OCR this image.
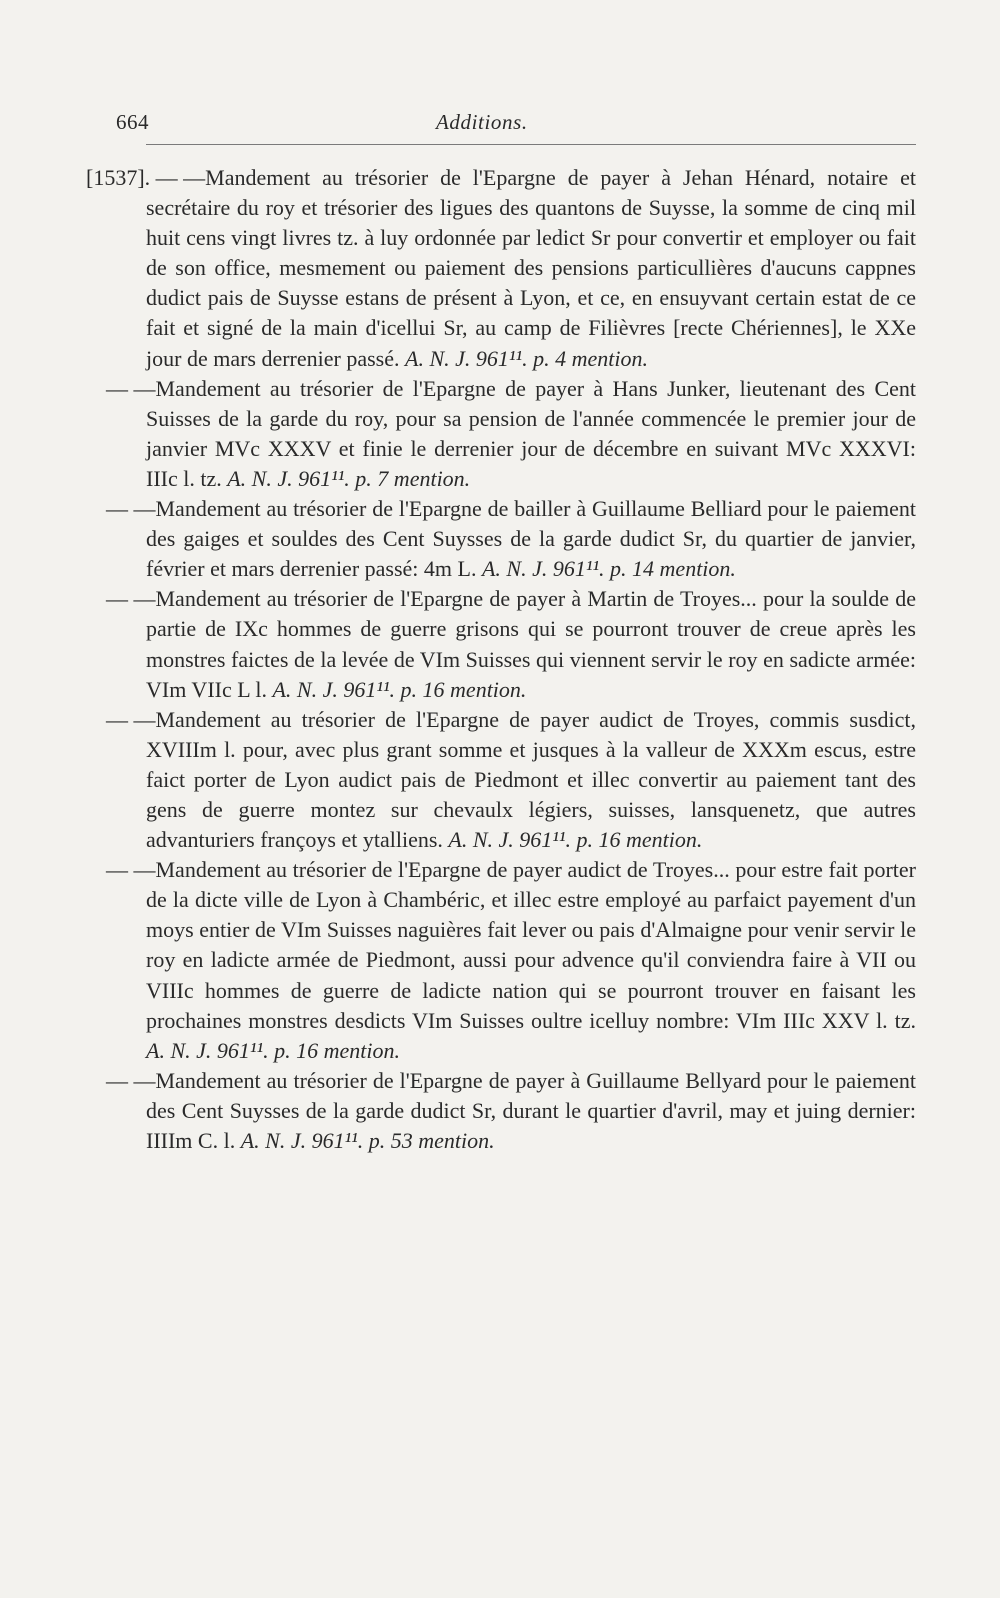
664	Additions.

[1537]. — —Mandement au trésorier de l'Epargne de payer à Jehan Hénard, notaire et secrétaire du roy et trésorier des ligues des quantons de Suysse, la somme de cinq mil huit cens vingt livres tz. à luy ordonnée par ledict Sr pour convertir et employer ou fait de son office, mesmement ou paiement des pensions particullières d'aucuns cappnes dudict pais de Suysse estans de présent à Lyon, et ce, en ensuyvant certain estat de ce fait et signé de la main d'icellui Sr, au camp de Filièvres [recte Chériennes], le XXe jour de mars derrenier passé. A. N. J. 961¹¹. p. 4 mention.

— —Mandement au trésorier de l'Epargne de payer à Hans Junker, lieutenant des Cent Suisses de la garde du roy, pour sa pension de l'année commencée le premier jour de janvier MVc XXXV et finie le derrenier jour de décembre en suivant MVc XXXVI: IIIc l. tz. A. N. J. 961¹¹. p. 7 mention.

— —Mandement au trésorier de l'Epargne de bailler à Guillaume Belliard pour le paiement des gaiges et souldes des Cent Suysses de la garde dudict Sr, du quartier de janvier, février et mars derrenier passé: 4m L. A. N. J. 961¹¹. p. 14 mention.

— —Mandement au trésorier de l'Epargne de payer à Martin de Troyes... pour la soulde de partie de IXc hommes de guerre grisons qui se pourront trouver de creue après les monstres faictes de la levée de VIm Suisses qui viennent servir le roy en sadicte armée: VIm VIIc L l. A. N. J. 961¹¹. p. 16 mention.

— —Mandement au trésorier de l'Epargne de payer audict de Troyes, commis susdict, XVIIIm l. pour, avec plus grant somme et jusques à la valleur de XXXm escus, estre faict porter de Lyon audict pais de Piedmont et illec convertir au paiement tant des gens de guerre montez sur chevaulx légiers, suisses, lansquenetz, que autres advanturiers françoys et ytalliens. A. N. J. 961¹¹. p. 16 mention.

— —Mandement au trésorier de l'Epargne de payer audict de Troyes... pour estre fait porter de la dicte ville de Lyon à Chambéric, et illec estre employé au parfaict payement d'un moys entier de VIm Suisses naguières fait lever ou pais d'Almaigne pour venir servir le roy en ladicte armée de Piedmont, aussi pour advence qu'il conviendra faire à VII ou VIIIc hommes de guerre de ladicte nation qui se pourront trouver en faisant les prochaines monstres desdicts VIm Suisses oultre icelluy nombre: VIm IIIc XXV l. tz. A. N. J. 961¹¹. p. 16 mention.

— —Mandement au trésorier de l'Epargne de payer à Guillaume Bellyard pour le paiement des Cent Suysses de la garde dudict Sr, durant le quartier d'avril, may et juing dernier: IIIIm C. l. A. N. J. 961¹¹. p. 53 mention.
